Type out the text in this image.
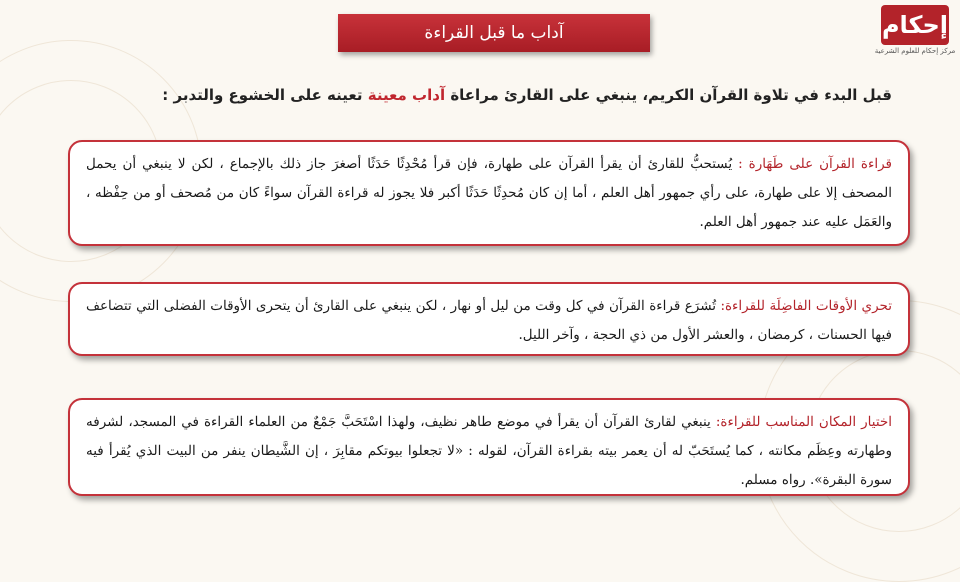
إحكام
مركز إحكام للعلوم الشرعية
آداب ما قبل القراءة
قبل البدء في تلاوة القرآن الكريم، ينبغي على القارئ مراعاة آداب معينة تعينه على الخشوع والتدبر :
قراءة القرآن على طَهَارة : يُستحبُّ للقارئ أن يقرأ القرآن على طهارة، فإن قرأ مُحْدِثًا حَدَثًا أصغرَ جاز ذلك بالإجماع ، لكن لا ينبغي أن يحمل المصحف إلا على طهارة، على رأي جمهور أهل العلم ، أما إن كان مُحدِثًا حَدَثًا أكبر فلا يجوز له قراءة القرآن سواءً كان من مُصحف أو من حِفْظه ، والعَمَل عليه عند جمهور أهل العلم.
تحري الأوقات الفاضِلَة للقراءة: تُشرَع قراءة القرآن في كل وقت من ليل أو نهار ، لكن ينبغي على القارئ أن يتحرى الأوقات الفضلى التي تتضاعف فيها الحسنات ، كرمضان ، والعشر الأول من ذي الحجة ، وآخر الليل.
اختيار المكان المناسب للقراءة: ينبغي لقارئ القرآن أن يقرأ في موضع طاهر نظيف، ولهذا اسْتَحَبَّ جَمْعٌ من العلماء القراءة في المسجد، لشرفه وطهارته وعِظَم مكانته ، كما يُستَحَبّ له أن يعمر بيته بقراءة القرآن، لقوله : «لا تجعلوا بيوتكم مقابِرَ ، إن الشَّيطان ينفر من البيت الذي يُقرأ فيه سورة البقرة». رواه مسلم.
